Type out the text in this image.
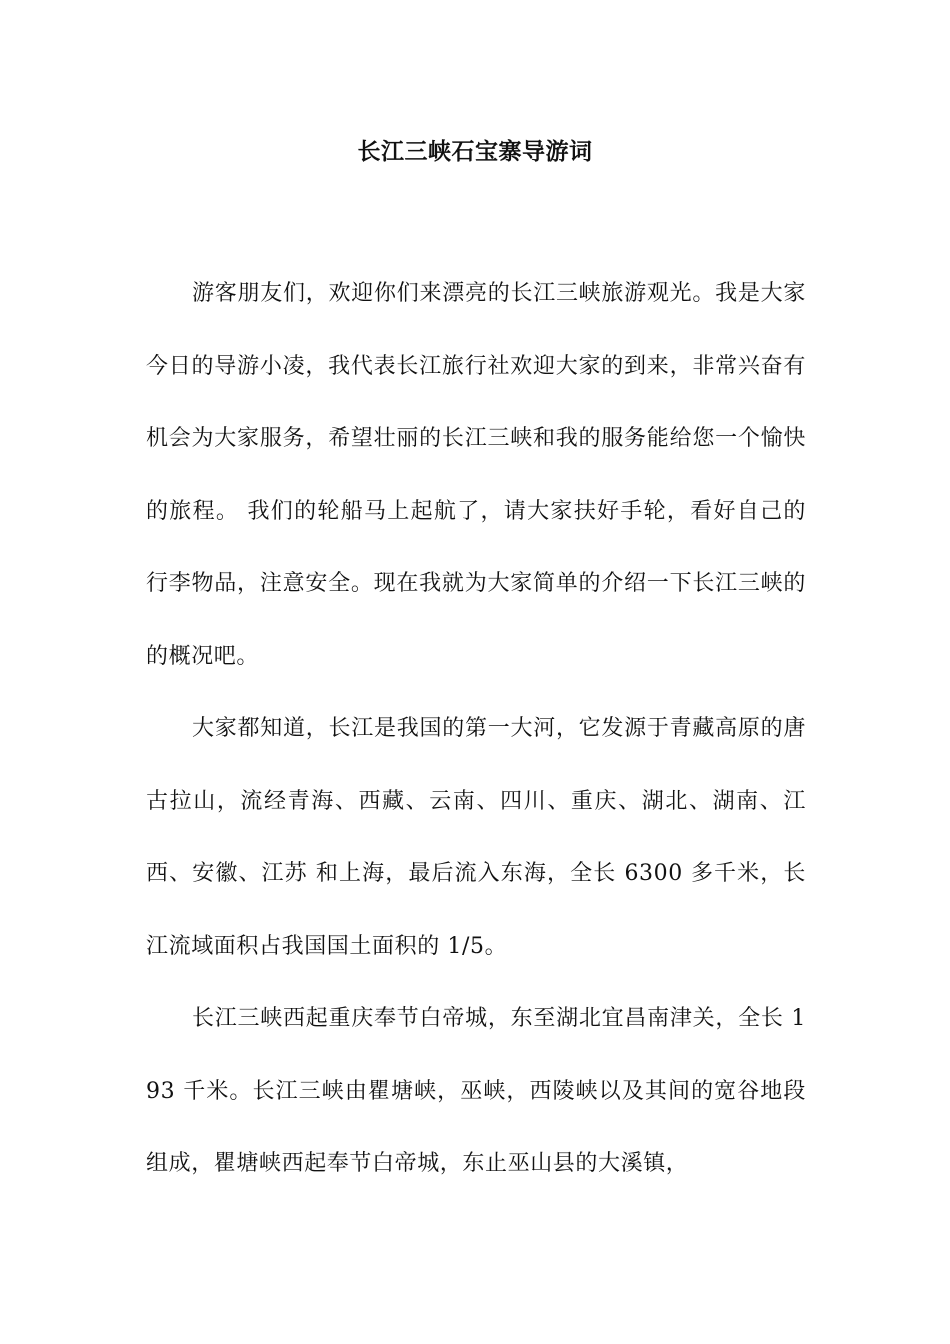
长江三峡石宝寨导游词

游客朋友们，欢迎你们来漂亮的长江三峡旅游观光。我是大家今日的导游小凌，我代表长江旅行社欢迎大家的到来，非常兴奋有机会为大家服务，希望壮丽的长江三峡和我的服务能给您一个愉快的旅程。 我们的轮船马上起航了，请大家扶好手轮，看好自己的行李物品，注意安全。现在我就为大家简单的介绍一下长江三峡的的概况吧。

大家都知道，长江是我国的第一大河，它发源于青藏高原的唐古拉山，流经青海、西藏、云南、四川、重庆、湖北、湖南、江西、安徽、江苏 和上海，最后流入东海，全长 6300 多千米，长江流域面积占我国国土面积的 1/5。

长江三峡西起重庆奉节白帝城，东至湖北宜昌南津关，全长 193 千米。长江三峡由瞿塘峡，巫峡，西陵峡以及其间的宽谷地段组成，瞿塘峡西起奉节白帝城，东止巫山县的大溪镇，
